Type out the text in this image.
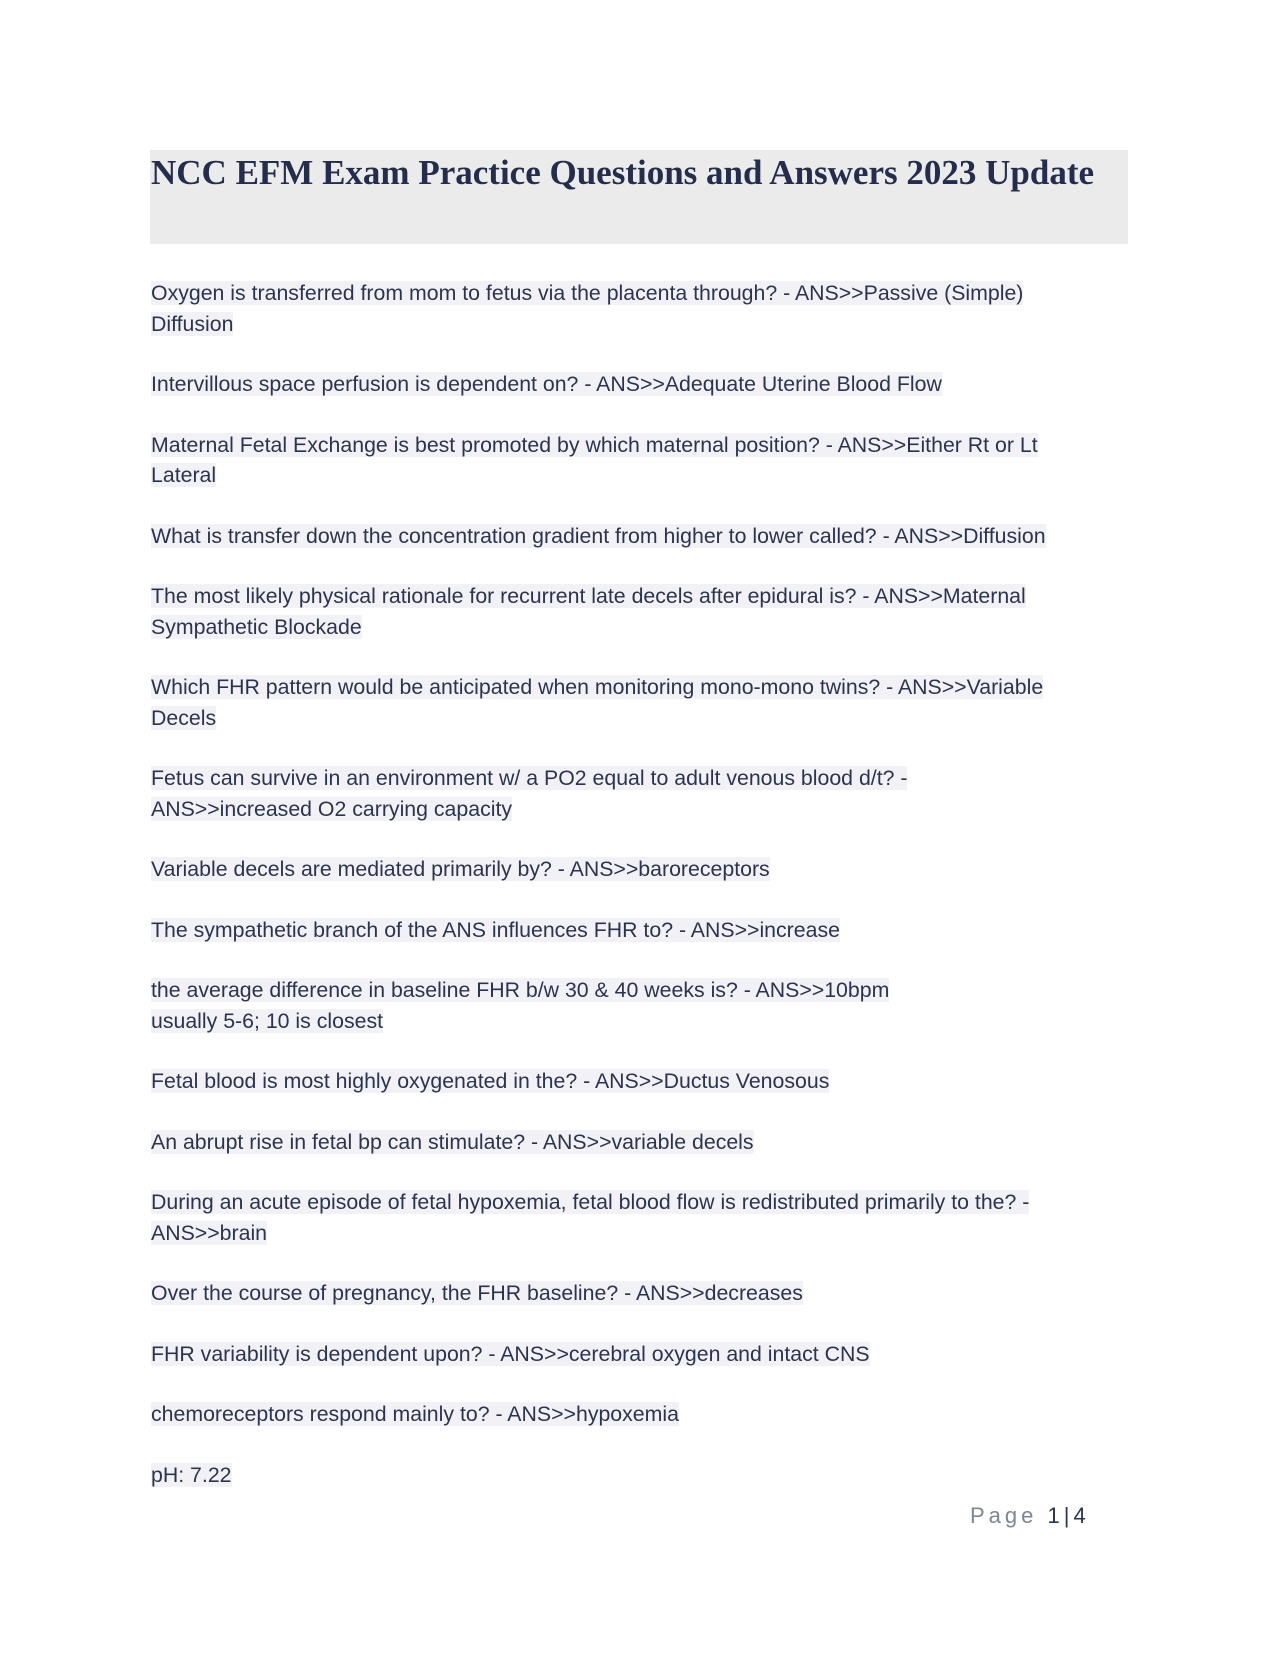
NCC EFM Exam Practice Questions and Answers 2023 Update
Oxygen is transferred from mom to fetus via the placenta through? - ANS>>Passive (Simple)
Diffusion
Intervillous space perfusion is dependent on? - ANS>>Adequate Uterine Blood Flow
Maternal Fetal Exchange is best promoted by which maternal position? - ANS>>Either Rt or Lt
Lateral
What is transfer down the concentration gradient from higher to lower called? - ANS>>Diffusion
The most likely physical rationale for recurrent late decels after epidural is? - ANS>>Maternal
Sympathetic Blockade
Which FHR pattern would be anticipated when monitoring mono-mono twins? - ANS>>Variable
Decels
Fetus can survive in an environment w/ a PO2 equal to adult venous blood d/t? -
ANS>>increased O2 carrying capacity
Variable decels are mediated primarily by? - ANS>>baroreceptors
The sympathetic branch of the ANS influences FHR to? - ANS>>increase
the average difference in baseline FHR b/w 30 & 40 weeks is? - ANS>>10bpm
usually 5-6; 10 is closest
Fetal blood is most highly oxygenated in the? - ANS>>Ductus Venosous
An abrupt rise in fetal bp can stimulate? - ANS>>variable decels
During an acute episode of fetal hypoxemia, fetal blood flow is redistributed primarily to the? -
ANS>>brain
Over the course of pregnancy, the FHR baseline? - ANS>>decreases
FHR variability is dependent upon? - ANS>>cerebral oxygen and intact CNS
chemoreceptors respond mainly to? - ANS>>hypoxemia
pH: 7.22
Page 1 | 4
